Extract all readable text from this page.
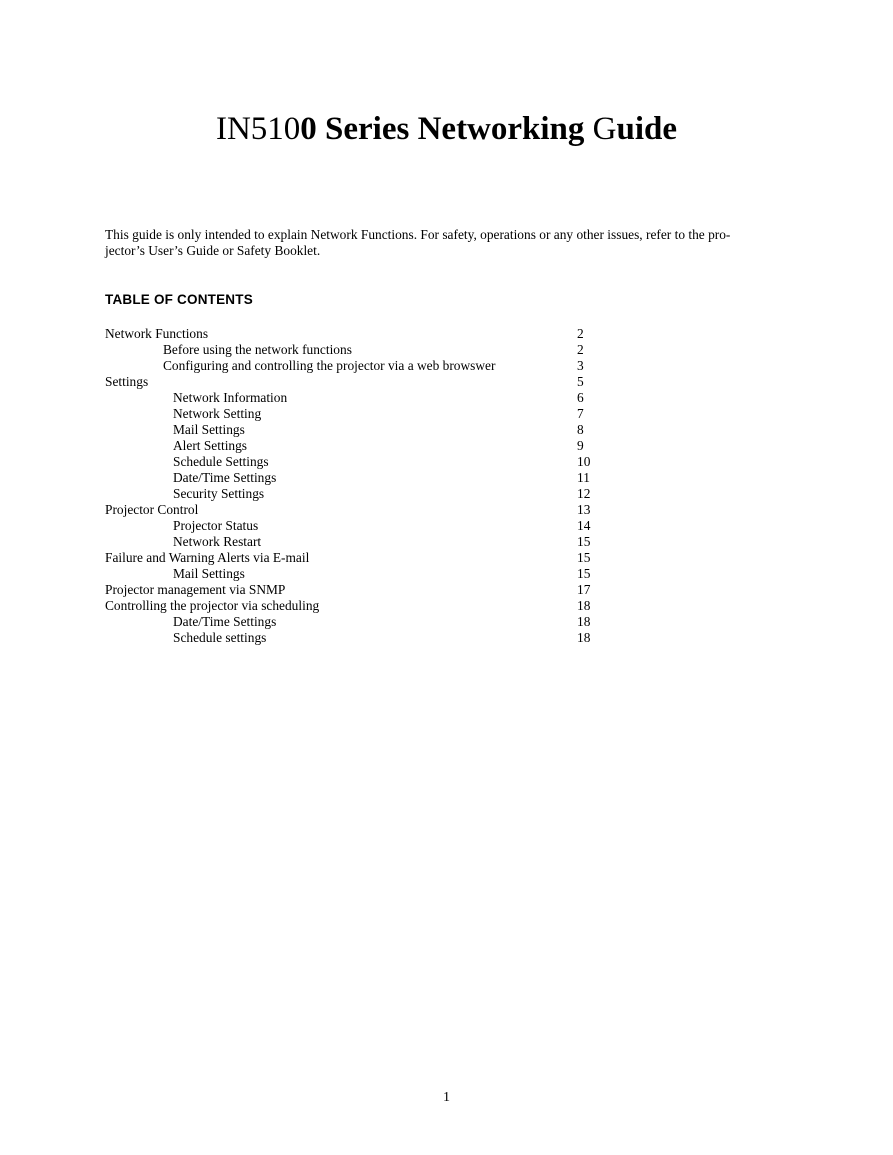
IN5100 Series Networking Guide

This guide is only intended to explain Network Functions. For safety, operations or any other issues, refer to the pro-
jector’s User’s Guide or Safety Booklet.

TABLE OF CONTENTS
Network Functions	2
Before using the network functions	2
Configuring and controlling the projector via a web browswer	3
Settings	5
Network Information	6
Network Setting	7
Mail Settings	8
Alert Settings	9
Schedule Settings	10
Date/Time Settings	11
Security Settings	12
Projector Control	13
Projector Status	14
Network Restart	15
Failure and Warning Alerts via E-mail	15
Mail Settings	15
Projector management via SNMP	17
Controlling the projector via scheduling	18
Date/Time Settings	18
Schedule settings	18
1
